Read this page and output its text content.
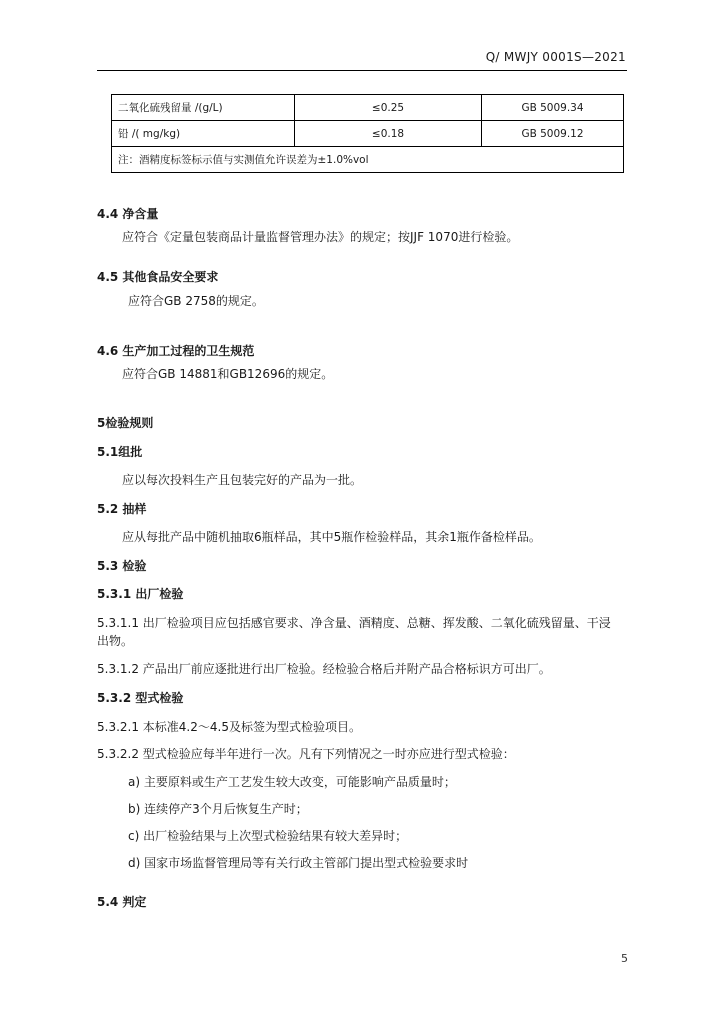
Q/ MWJY 0001S—2021
二氧化硫残留量 /(g/L)	≤0.25	GB 5009.34
铅 /( mg/kg)	≤0.18	GB 5009.12
注：酒精度标签标示值与实测值允许误差为±1.0%vol		
4.4 净含量
应符合《定量包装商品计量监督管理办法》的规定；按JJF 1070进行检验。
4.5 其他食品安全要求
应符合GB 2758的规定。
4.6 生产加工过程的卫生规范
应符合GB 14881和GB12696的规定。
5检验规则
5.1组批
应以每次投料生产且包装完好的产品为一批。
5.2 抽样
应从每批产品中随机抽取6瓶样品，其中5瓶作检验样品，其余1瓶作备检样品。
5.3 检验
5.3.1 出厂检验
5.3.1.1 出厂检验项目应包括感官要求、净含量、酒精度、总糖、挥发酸、二氧化硫残留量、干浸
出物。
5.3.1.2 产品出厂前应逐批进行出厂检验。经检验合格后并附产品合格标识方可出厂。
5.3.2 型式检验
5.3.2.1 本标准4.2～4.5及标签为型式检验项目。
5.3.2.2 型式检验应每半年进行一次。凡有下列情况之一时亦应进行型式检验：
a) 主要原料或生产工艺发生较大改变，可能影响产品质量时；
b) 连续停产3个月后恢复生产时；
c) 出厂检验结果与上次型式检验结果有较大差异时；
d) 国家市场监督管理局等有关行政主管部门提出型式检验要求时
5.4 判定
5
